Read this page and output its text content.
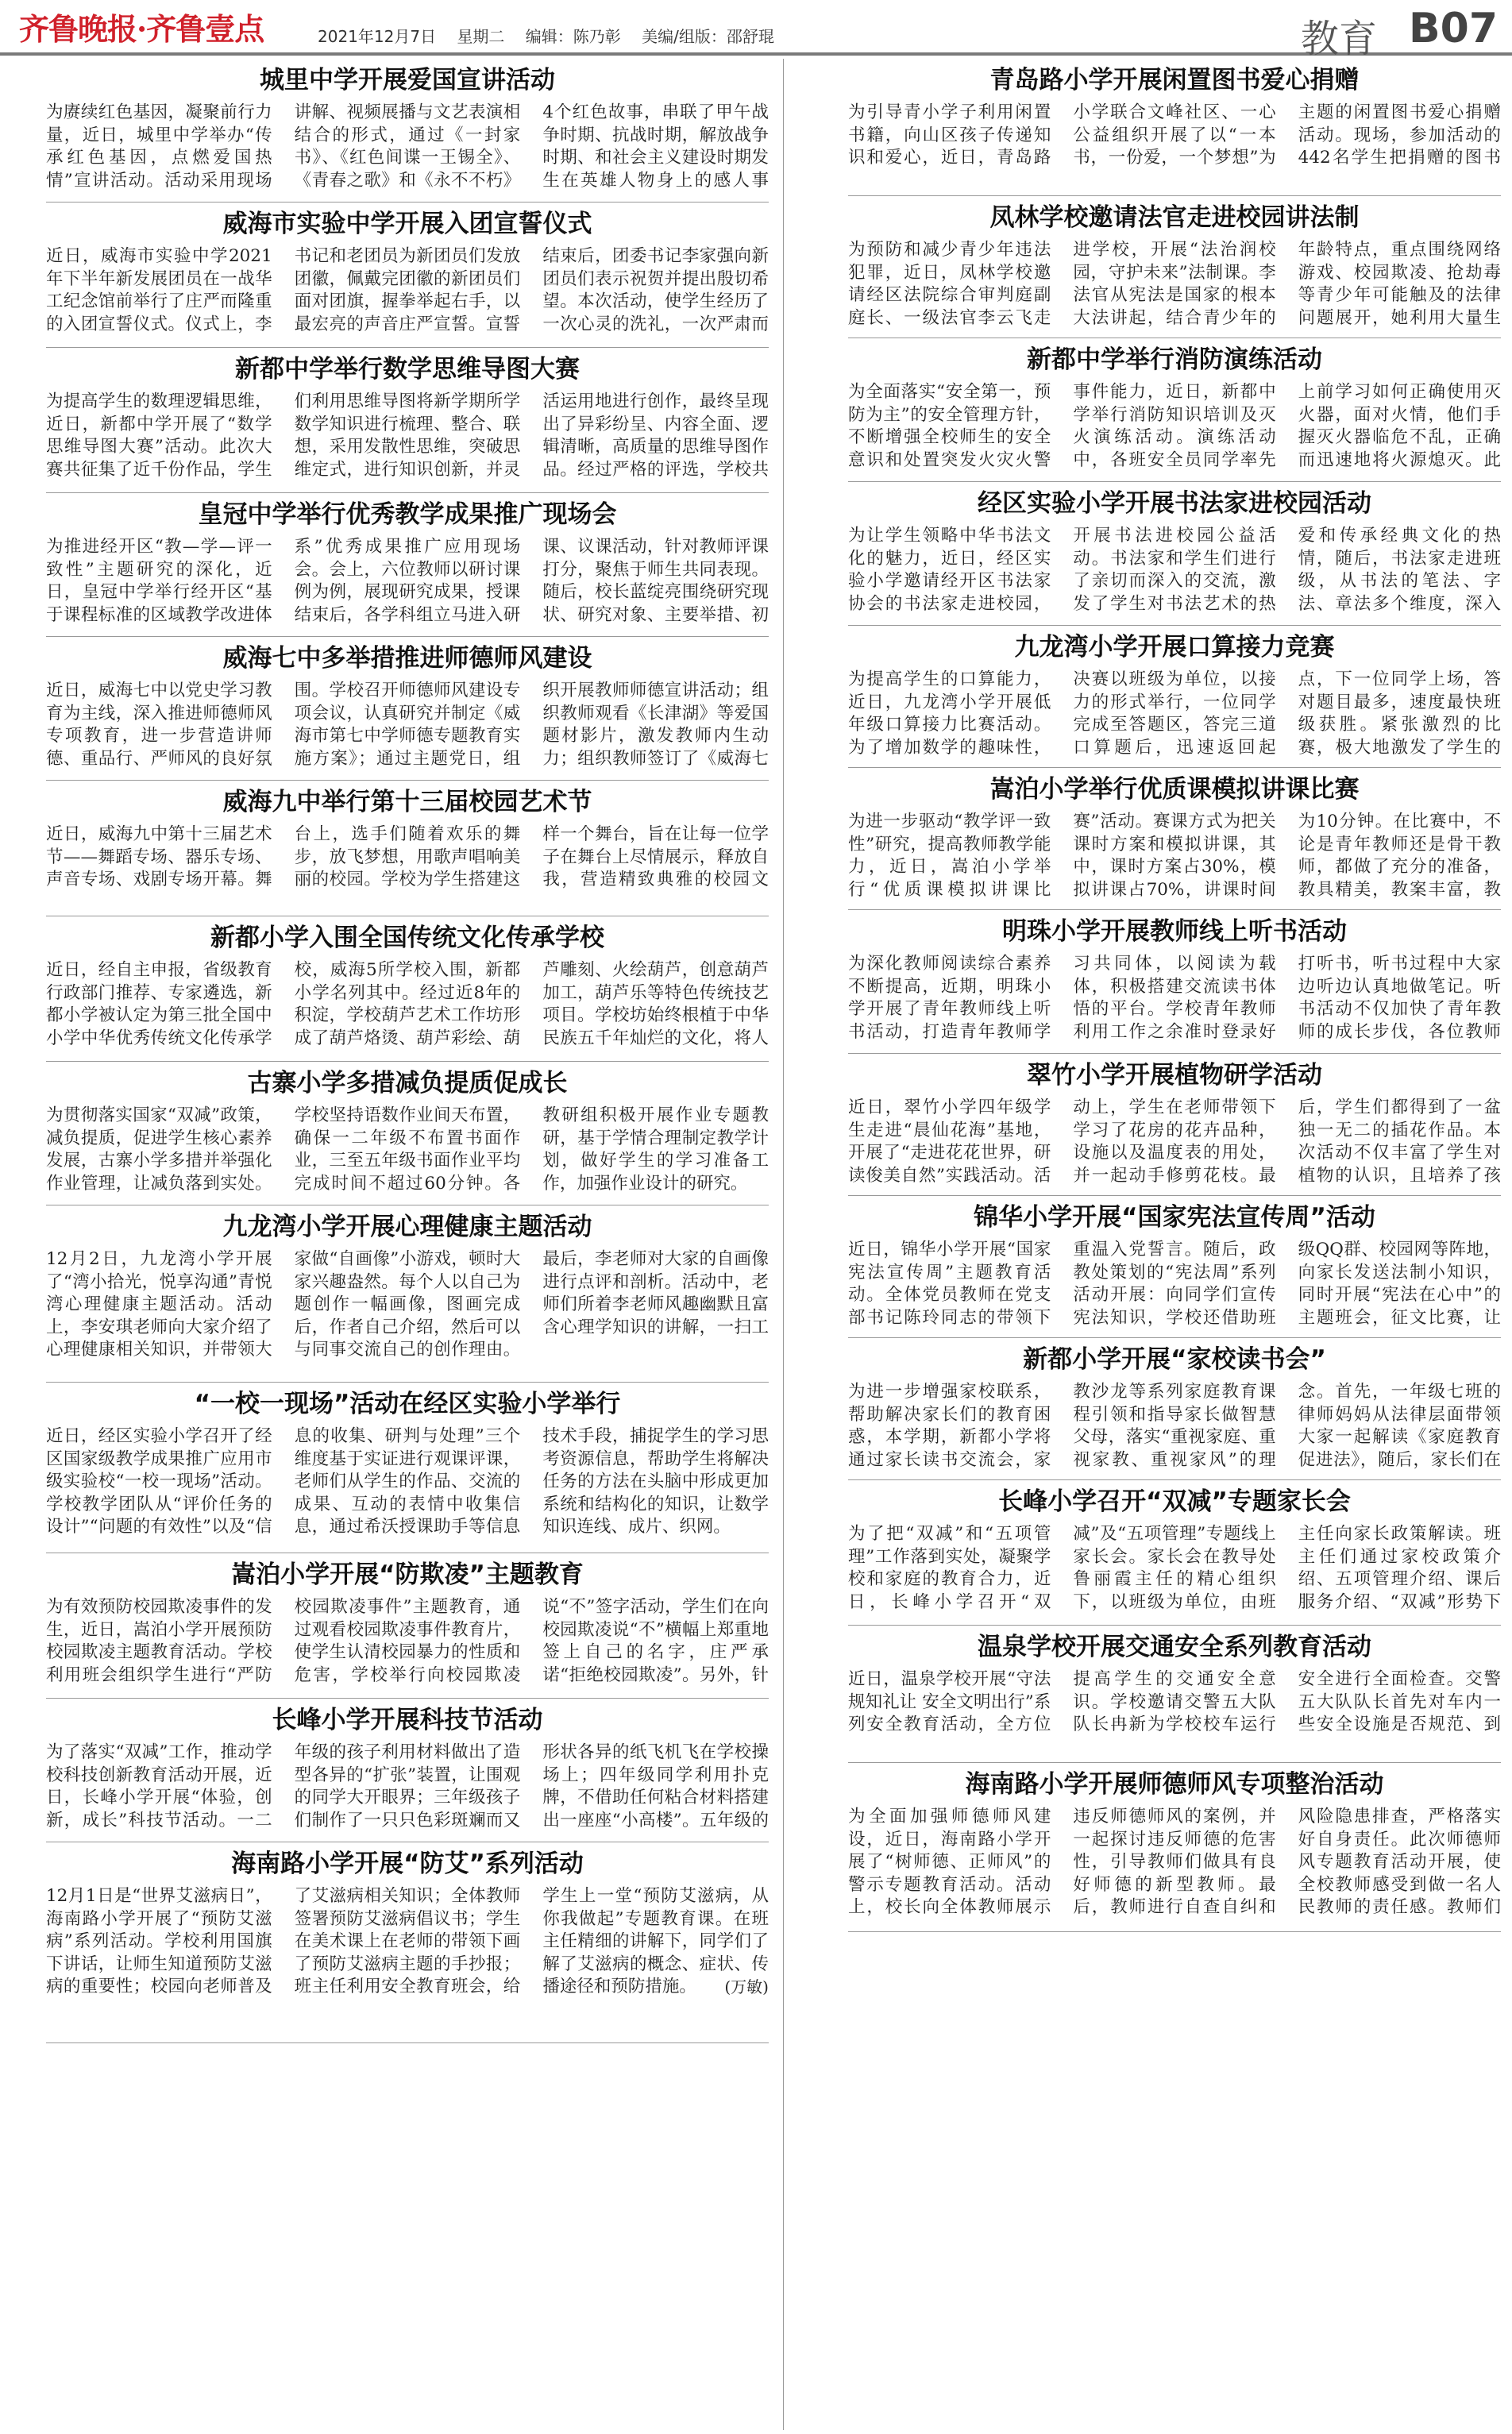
齐鲁晚报·齐鲁壹点	2021年12月7日　 星期二　 编辑：陈乃彰　 美编/组版：邵舒琨	教育 B07
城里中学开展爱国宣讲活动
为赓续红色基因，凝聚前行力量，近日，城里中学举办“传承红色基因，点燃爱国热情”宣讲活动。活动采用现场讲解、视频展播与文艺表演相结合的形式，通过《一封家书》、《红色间谍一王锡全》、《青春之歌》和《永不不朽》4个红色故事，串联了甲午战争时期、抗战时期，解放战争时期、和社会主义建设时期发生在英雄人物身上的感人事
威海市实验中学开展入团宣誓仪式
近日，威海市实验中学2021年下半年新发展团员在一战华工纪念馆前举行了庄严而隆重的入团宣誓仪式。仪式上，李书记和老团员为新团员们发放团徽，佩戴完团徽的新团员们面对团旗，握拳举起右手，以最宏亮的声音庄严宣誓。宣誓结束后，团委书记李家强向新团员们表示祝贺并提出殷切希望。本次活动，使学生经历了一次心灵的洗礼，一次严肃而
新都中学举行数学思维导图大赛
为提高学生的数理逻辑思维，近日，新都中学开展了“数学思维导图大赛”活动。此次大赛共征集了近千份作品，学生们利用思维导图将新学期所学数学知识进行梳理、整合、联想，采用发散性思维，突破思维定式，进行知识创新，并灵活运用地进行创作，最终呈现出了异彩纷呈、内容全面、逻辑清晰，高质量的思维导图作品。经过严格的评选，学校共
皇冠中学举行优秀教学成果推广现场会
为推进经开区“教—学—评一致性”主题研究的深化，近日，皇冠中学举行经开区“基于课程标准的区域教学改进体系”优秀成果推广应用现场会。会上，六位教师以研讨课例为例，展现研究成果，授课结束后，各学科组立马进入研课、议课活动，针对教师评课打分，聚焦于师生共同表现。随后，校长蓝绽亮围绕研究现状、研究对象、主要举措、初
威海七中多举措推进师德师风建设
近日，威海七中以党史学习教育为主线，深入推进师德师风专项教育，进一步营造讲师德、重品行、严师风的良好氛围。学校召开师德师风建设专项会议，认真研究并制定《威海市第七中学师德专题教育实施方案》；通过主题党日，组织开展教师师德宣讲活动；组织教师观看《长津湖》等爱国题材影片，激发教师内生动力；组织教师签订了《威海七
威海九中举行第十三届校园艺术节
近日，威海九中第十三届艺术节——舞蹈专场、器乐专场、声音专场、戏剧专场开幕。舞台上，选手们随着欢乐的舞步，放飞梦想，用歌声唱响美丽的校园。学校为学生搭建这样一个舞台，旨在让每一位学子在舞台上尽情展示，释放自我，营造精致典雅的校园文
新都小学入围全国传统文化传承学校
近日，经自主申报，省级教育行政部门推荐、专家遴选，新都小学被认定为第三批全国中小学中华优秀传统文化传承学校，威海5所学校入围，新都小学名列其中。经过近8年的积淀，学校葫芦艺术工作坊形成了葫芦烙烫、葫芦彩绘、葫芦雕刻、火绘葫芦，创意葫芦加工，葫芦乐等特色传统技艺项目。学校坊始终根植于中华民族五千年灿烂的文化，将人
古寨小学多措减负提质促成长
为贯彻落实国家“双减”政策，减负提质，促进学生核心素养发展，古寨小学多措并举强化作业管理，让减负落到实处。学校坚持语数作业间天布置，确保一二年级不布置书面作业，三至五年级书面作业平均完成时间不超过60分钟。各教研组积极开展作业专题教研，基于学情合理制定教学计划，做好学生的学习准备工作，加强作业设计的研究。
九龙湾小学开展心理健康主题活动
12月2日，九龙湾小学开展了“湾小拾光，悦享沟通”青悦湾心理健康主题活动。活动上，李安琪老师向大家介绍了心理健康相关知识，并带领大家做“自画像”小游戏，顿时大家兴趣盎然。每个人以自己为题创作一幅画像，图画完成后，作者自己介绍，然后可以与同事交流自己的创作理由。最后，李老师对大家的自画像进行点评和剖析。活动中，老师们所着李老师风趣幽默且富含心理学知识的讲解，一扫工
“一校一现场”活动在经区实验小学举行
近日，经区实验小学召开了经区国家级教学成果推广应用市级实验校“一校一现场”活动。学校教学团队从“评价任务的设计”“问题的有效性”以及“信息的收集、研判与处理”三个维度基于实证进行观课评课，老师们从学生的作品、交流的成果、互动的表情中收集信息，通过希沃授课助手等信息技术手段，捕捉学生的学习思考资源信息，帮助学生将解决任务的方法在头脑中形成更加系统和结构化的知识，让数学知识连线、成片、织网。
嵩泊小学开展“防欺凌”主题教育
为有效预防校园欺凌事件的发生，近日，嵩泊小学开展预防校园欺凌主题教育活动。学校利用班会组织学生进行“严防校园欺凌事件”主题教育，通过观看校园欺凌事件教育片，使学生认清校园暴力的性质和危害，学校举行向校园欺凌说“不”签字活动，学生们在向校园欺凌说“不”横幅上郑重地签上自己的名字，庄严承诺“拒绝校园欺凌”。另外，针
长峰小学开展科技节活动
为了落实“双减”工作，推动学校科技创新教育活动开展，近日，长峰小学开展“体验，创新，成长”科技节活动。一二年级的孩子利用材料做出了造型各异的“扩张”装置，让围观的同学大开眼界；三年级孩子们制作了一只只色彩斑斓而又形状各异的纸飞机飞在学校操场上；四年级同学利用扑克牌，不借助任何粘合材料搭建出一座座“小高楼”。五年级的
海南路小学开展“防艾”系列活动
12月1日是“世界艾滋病日”，海南路小学开展了“预防艾滋病”系列活动。学校利用国旗下讲话，让师生知道预防艾滋病的重要性；校园向老师普及了艾滋病相关知识；全体教师签署预防艾滋病倡议书；学生在美术课上在老师的带领下画了预防艾滋病主题的手抄报；班主任利用安全教育班会，给学生上一堂“预防艾滋病，从你我做起”专题教育课。在班主任精细的讲解下，同学们了解了艾滋病的概念、症状、传播途径和预防措施。 (万敏)
青岛路小学开展闲置图书爱心捐赠
为引导青小学子利用闲置书籍，向山区孩子传递知识和爱心，近日，青岛路小学联合文峰社区、一心公益组织开展了以“一本书，一份爱，一个梦想”为主题的闲置图书爱心捐赠活动。现场，参加活动的442名学生把捐赠的图书
凤林学校邀请法官走进校园讲法制
为预防和减少青少年违法犯罪，近日，凤林学校邀请经区法院综合审判庭副庭长、一级法官李云飞走进学校，开展“法治润校园，守护未来”法制课。李法官从宪法是国家的根本大法讲起，结合青少年的年龄特点，重点围绕网络游戏、校园欺凌、抢劫毒等青少年可能触及的法律问题展开，她利用大量生
新都中学举行消防演练活动
为全面落实“安全第一，预防为主”的安全管理方针，不断增强全校师生的安全意识和处置突发火灾火警事件能力，近日，新都中学举行消防知识培训及灭火演练活动。演练活动中，各班安全员同学率先上前学习如何正确使用灭火器，面对火情，他们手握灭火器临危不乱，正确而迅速地将火源熄灭。此
经区实验小学开展书法家进校园活动
为让学生领略中华书法文化的魅力，近日，经区实验小学邀请经开区书法家协会的书法家走进校园，开展书法进校园公益活动。书法家和学生们进行了亲切而深入的交流，激发了学生对书法艺术的热爱和传承经典文化的热情，随后，书法家走进班级，从书法的笔法、字法、章法多个维度，深入
九龙湾小学开展口算接力竞赛
为提高学生的口算能力，近日，九龙湾小学开展低年级口算接力比赛活动。为了增加数学的趣味性，决赛以班级为单位，以接力的形式举行，一位同学完成至答题区，答完三道口算题后，迅速返回起点，下一位同学上场，答对题目最多，速度最快班级获胜。紧张激烈的比赛，极大地激发了学生的
嵩泊小学举行优质课模拟讲课比赛
为进一步驱动“教学评一致性”研究，提高教师教学能力，近日，嵩泊小学举行“优质课模拟讲课比赛”活动。赛课方式为把关课时方案和模拟讲课，其中，课时方案占30%，模拟讲课占70%，讲课时间为10分钟。在比赛中，不论是青年教师还是骨干教师，都做了充分的准备，教具精美，教案丰富，教
明珠小学开展教师线上听书活动
为深化教师阅读综合素养不断提高，近期，明珠小学开展了青年教师线上听书活动，打造青年教师学习共同体，以阅读为载体，积极搭建交流读书体悟的平台。学校青年教师利用工作之余准时登录好打听书，听书过程中大家边听边认真地做笔记。听书活动不仅加快了青年教师的成长步伐，各位教师
翠竹小学开展植物研学活动
近日，翠竹小学四年级学生走进“晨仙花海”基地，开展了“走进花花世界，研读俊美自然”实践活动。活动上，学生在老师带领下学习了花房的花卉品种，设施以及温度表的用处，并一起动手修剪花枝。最后，学生们都得到了一盆独一无二的插花作品。本次活动不仅丰富了学生对植物的认识，且培养了孩
锦华小学开展“国家宪法宣传周”活动
近日，锦华小学开展“国家宪法宣传周”主题教育活动。全体党员教师在党支部书记陈玲同志的带领下重温入党誓言。随后，政教处策划的“宪法周”系列活动开展：向同学们宣传宪法知识，学校还借助班级QQ群、校园网等阵地，向家长发送法制小知识，同时开展“宪法在心中”的主题班会，征文比赛，让
新都小学开展“家校读书会”
为进一步增强家校联系，帮助解决家长们的教育困惑，本学期，新都小学将通过家长读书交流会，家教沙龙等系列家庭教育课程引领和指导家长做智慧父母，落实“重视家庭、重视家教、重视家风”的理念。首先，一年级七班的律师妈妈从法律层面带领大家一起解读《家庭教育促进法》，随后，家长们在
长峰小学召开“双减”专题家长会
为了把“双减”和“五项管理”工作落到实处，凝聚学校和家庭的教育合力，近日，长峰小学召开“双减”及“五项管理”专题线上家长会。家长会在教导处鲁丽霞主任的精心组织下，以班级为单位，由班主任向家长政策解读。班主任们通过家校政策介绍、五项管理介绍、课后服务介绍、“双减”形势下
温泉学校开展交通安全系列教育活动
近日，温泉学校开展“守法规知礼让 安全文明出行”系列安全教育活动，全方位提高学生的交通安全意识。学校邀请交警五大队队长冉新为学校校车运行安全进行全面检查。交警五大队队长首先对车内一些安全设施是否规范、到
海南路小学开展师德师风专项整治活动
为全面加强师德师风建设，近日，海南路小学开展了“树师德、正师风”的警示专题教育活动。活动上，校长向全体教师展示违反师德师风的案例，并一起探讨违反师德的危害性，引导教师们做具有良好师德的新型教师。最后，教师进行自查自纠和风险隐患排查，严格落实好自身责任。此次师德师风专题教育活动开展，使全校教师感受到做一名人民教师的责任感。教师们
